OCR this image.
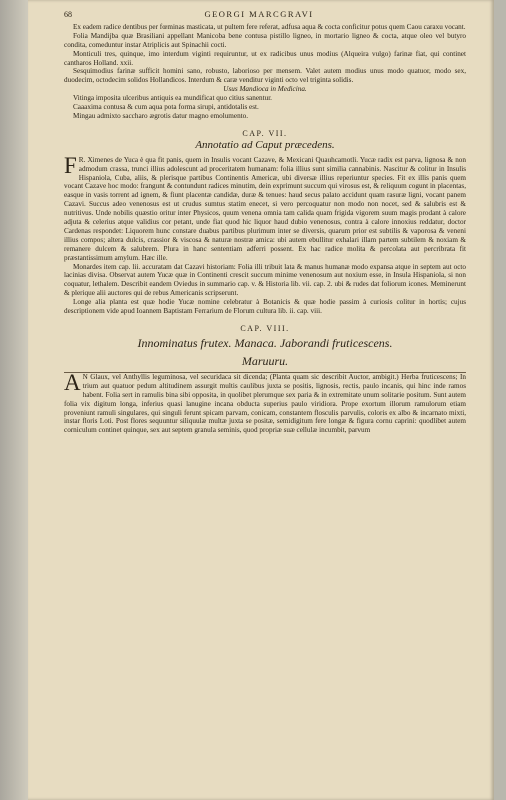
68	GEORGI MARCGRAVI

Ex eadem radice dentibus per fœminas masticata, ut pultem fere referat, adfusa aqua & cocta conficitur potus quem Caou caraxu vocant.

Folia Mandijba quæ Brasiliani appellant Manicoba bene contusa pistillo ligneo, in mortario ligneo & cocta, atque oleo vel butyro condita, comeduntur instar Atriplicis aut Spinachii cocti.

Monticuli tres, quinque, imo interdum viginti requiruntur, ut ex radicibus unus modius (Alqueira vulgo) farinæ fiat, qui continet cantharos Holland. xxii.

Sesquimodius farinæ sufficit homini sano, robusto, laborioso per mensem. Valet autem modius unus modo quatuor, modo sex, duodecim, octodecim solidos Hollandicos. Interdum & caræ venditur viginti octo vel triginta solidis.

Usus Mandioca in Medicina.

Vitinga imposita ulceribus antiquis ea mundificat quo citius sanentur.

Caaaxima contusa & cum aqua pota forma sirupi, antidotalis est.

Mingau admixto saccharo ægrotis datur magno emolumento.

CAP. VII.
Annotatio ad Caput præcedens.

F R. Ximenes de Yuca è qua fit panis, quem in Insulis vocant Cazave, & Mexicani Quauhcamotli. Yucæ radix est parva, lignosa & non admodum crassa, trunci illius adolescunt ad proceritatem humanam: folia illius sunt similia cannabinis. Nascitur & colitur in Insulis Hispaniola, Cuba, aliis, & plerisque partibus Continentis Americæ, ubi diversæ illius reperiuntur species. Fit ex illis panis quem vocant Cazave hoc modo: frangunt & contundunt radices minutim, dein exprimunt succum qui virosus est, & reliquum cogunt in placentas, easque in vasis torrent ad ignem, & fiunt placentæ candidæ, duræ & tenues: haud secus palato accidunt quam rasuræ ligni, vocant panem Cazavi. Succus adeo venenosus est ut crudus sumtus statim enecet, si vero percoquatur non modo non nocet, sed & salubris est & nutritivus. Unde nobilis quæstio oritur inter Physicos, quum venena omnia tam calida quam frigida vigorem suum magis prodant à calore adjuta & celerius atque validius cor petant, unde fiat quod hic liquor haud dubio venenosus, contra à calore innoxius reddatur, doctor Cardenas respondet: Liquorem hunc constare duabus partibus plurimum inter se diversis, quarum prior est subtilis & vaporosa & veneni illius compos; altera dulcis, crassior & viscosa & naturæ nostræ amica: ubi autem ebullitur exhalari illam partem subtilem & noxiam & remanere dulcem & salubrem. Plura in hanc sententiam adferri possent. Ex hac radice molita & percolata aut percribrata fit præstantissimum amylum. Hæc ille.

Monardes item cap. lii. accuratam dat Cazavi historiam: Folia illi tribuit lata & manus humanæ modo expansa atque in septem aut octo lacinias divisa. Observat autem Yucæ quæ in Continenti crescit succum minime venenosum aut noxium esse, in Insula Hispaniola, si non coquatur, lethalem. Describit eandem Oviedus in summario cap. v. & Historia lib. vii. cap. 2. ubi & rudes dat foliorum icones. Meminerunt & plerique alii auctores qui de rebus Americanis scripserunt.

Longe alia planta est quæ hodie Yucæ nomine celebratur à Botanicis & quæ hodie passim à curiosis colitur in hortis; cujus descriptionem vide apud Ioannem Baptistam Ferrarium de Florum cultura lib. ii. cap. viii.

CAP. VIII.
Innominatus frutex. Manaca. Jaborandi fruticescens.
Maruuru.

A N Glaux, vel Anthyllis leguminosa, vel securidaca sit dicenda; (Planta quam sic describit Auctor, ambigit.) Herba fruticescens; In trium aut quatuor pedum altitudinem assurgit multis caulibus juxta se positis, lignosis, rectis, paulo incanis, qui hinc inde ramos habent. Folia sert in ramulis bina sibi opposita, in quolibet plerumque sex paria & in extremitate unum solitarie positum. Sunt autem folia vix digitum longa, inferius quasi lanugine incana obducta superius paulo viridiora. Prope exortum illorum ramulorum etiam proveniunt ramuli singulares, qui singuli ferunt spicam parvam, conicam, constantem flosculis parvulis, coloris ex albo & incarnato mixti, instar floris Loti. Post flores sequuntur siliquulæ multæ juxta se positæ, semidigitum fere longæ & figura cornu caprini: quodlibet autem corniculum continet quinque, sex aut septem granula seminis, quod propriæ suæ cellulæ incumbit, parvum
